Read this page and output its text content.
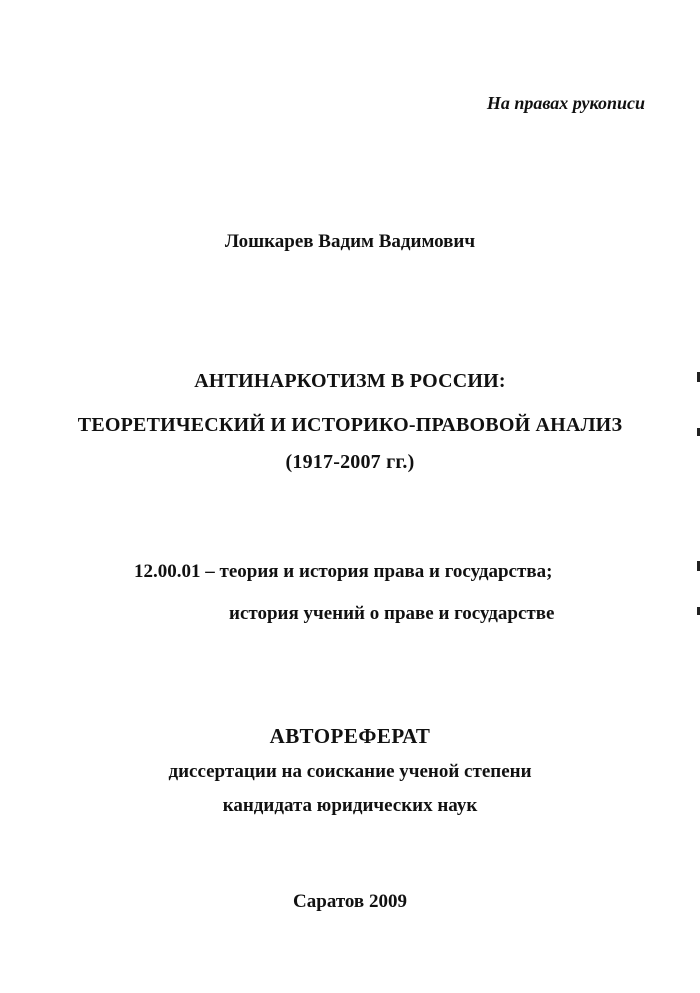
На правах рукописи
Лошкарев Вадим Вадимович
АНТИНАРКОТИЗМ В РОССИИ:
ТЕОРЕТИЧЕСКИЙ И ИСТОРИКО-ПРАВОВОЙ АНАЛИЗ
(1917-2007 гг.)
12.00.01 – теория и история права и государства;
история учений о праве и государстве
АВТОРЕФЕРАТ
диссертации на соискание ученой степени
кандидата юридических наук
Саратов 2009
